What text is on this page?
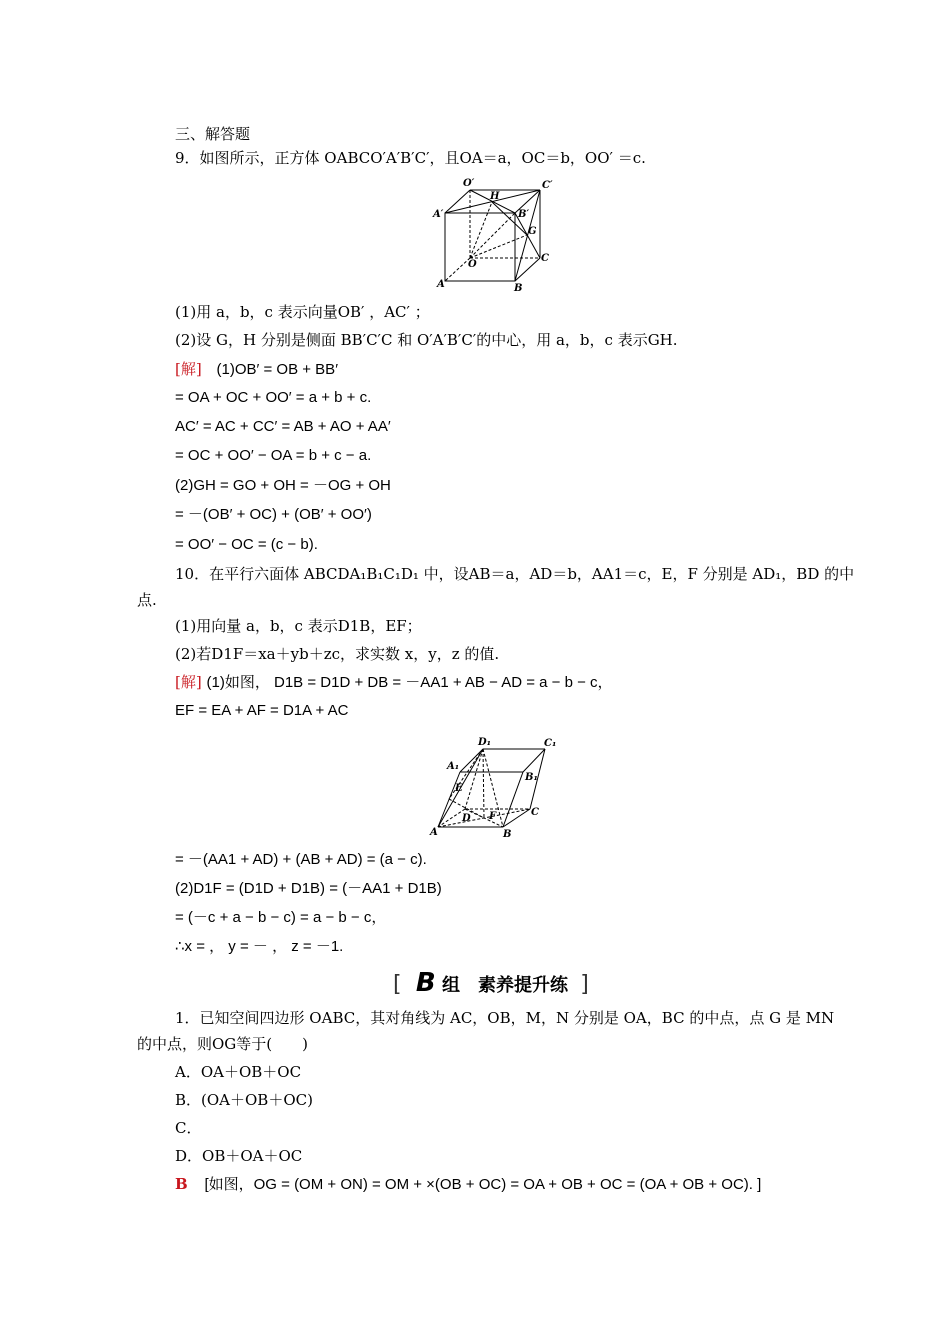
三、解答题
9．如图所示，正方体 OABCO′A′B′C′，且OA＝a，OC＝b，OO′ ＝c.
O′	C′
H
A′	B′
G
O
C
A	B
(1)用 a，b，c 表示向量OB′ ，AC′ ；
(2)设 G，H 分别是侧面 BB′C′C 和 O′A′B′C′的中心，用 a，b，c 表示GH.
[解] (1)OB′ = OB + BB′
= OA + OC + OO′ = a + b + c.
AC′ = AC + CC′ = AB + AO + AA′
= OC + OO′ − OA = b + c − a.
(2)GH = GO + OH = －OG + OH
= －(OB′ + OC) + (OB′ + OO′)
= OO′ − OC = (c − b).
10．在平行六面体 ABCDA₁B₁C₁D₁ 中，设AB＝a，AD＝b，AA1＝c，E，F 分别是 AD₁，BD 的中
点.
(1)用向量 a，b，c 表示D1B，EF；
(2)若D1F＝xa＋yb＋zc，求实数 x，y，z 的值.
[解] (1)如图， D1B = D1D + DB = －AA1 + AB − AD = a − b − c，
EF = EA + AF = D1A + AC
D₁	C₁
A₁
B₁
E
D F	C
A	B
= －(AA1 + AD) + (AB + AD) = (a − c).
(2)D1F = (D1D + D1B) = (－AA1 + D1B)
= (－c + a − b − c) = a − b − c，
∴x = ， y = － ， z = －1.
[ B 组　素养提升练 ]
1．已知空间四边形 OABC，其对角线为 AC，OB，M，N 分别是 OA，BC 的中点，点 G 是 MN
的中点，则OG等于(　　)
A．OA＋OB＋OC
B．(OA＋OB＋OC)
C．
D．OB＋OA＋OC
B [如图，OG = (OM + ON) = OM + ×(OB + OC) = OA + OB + OC = (OA + OB + OC). ]
